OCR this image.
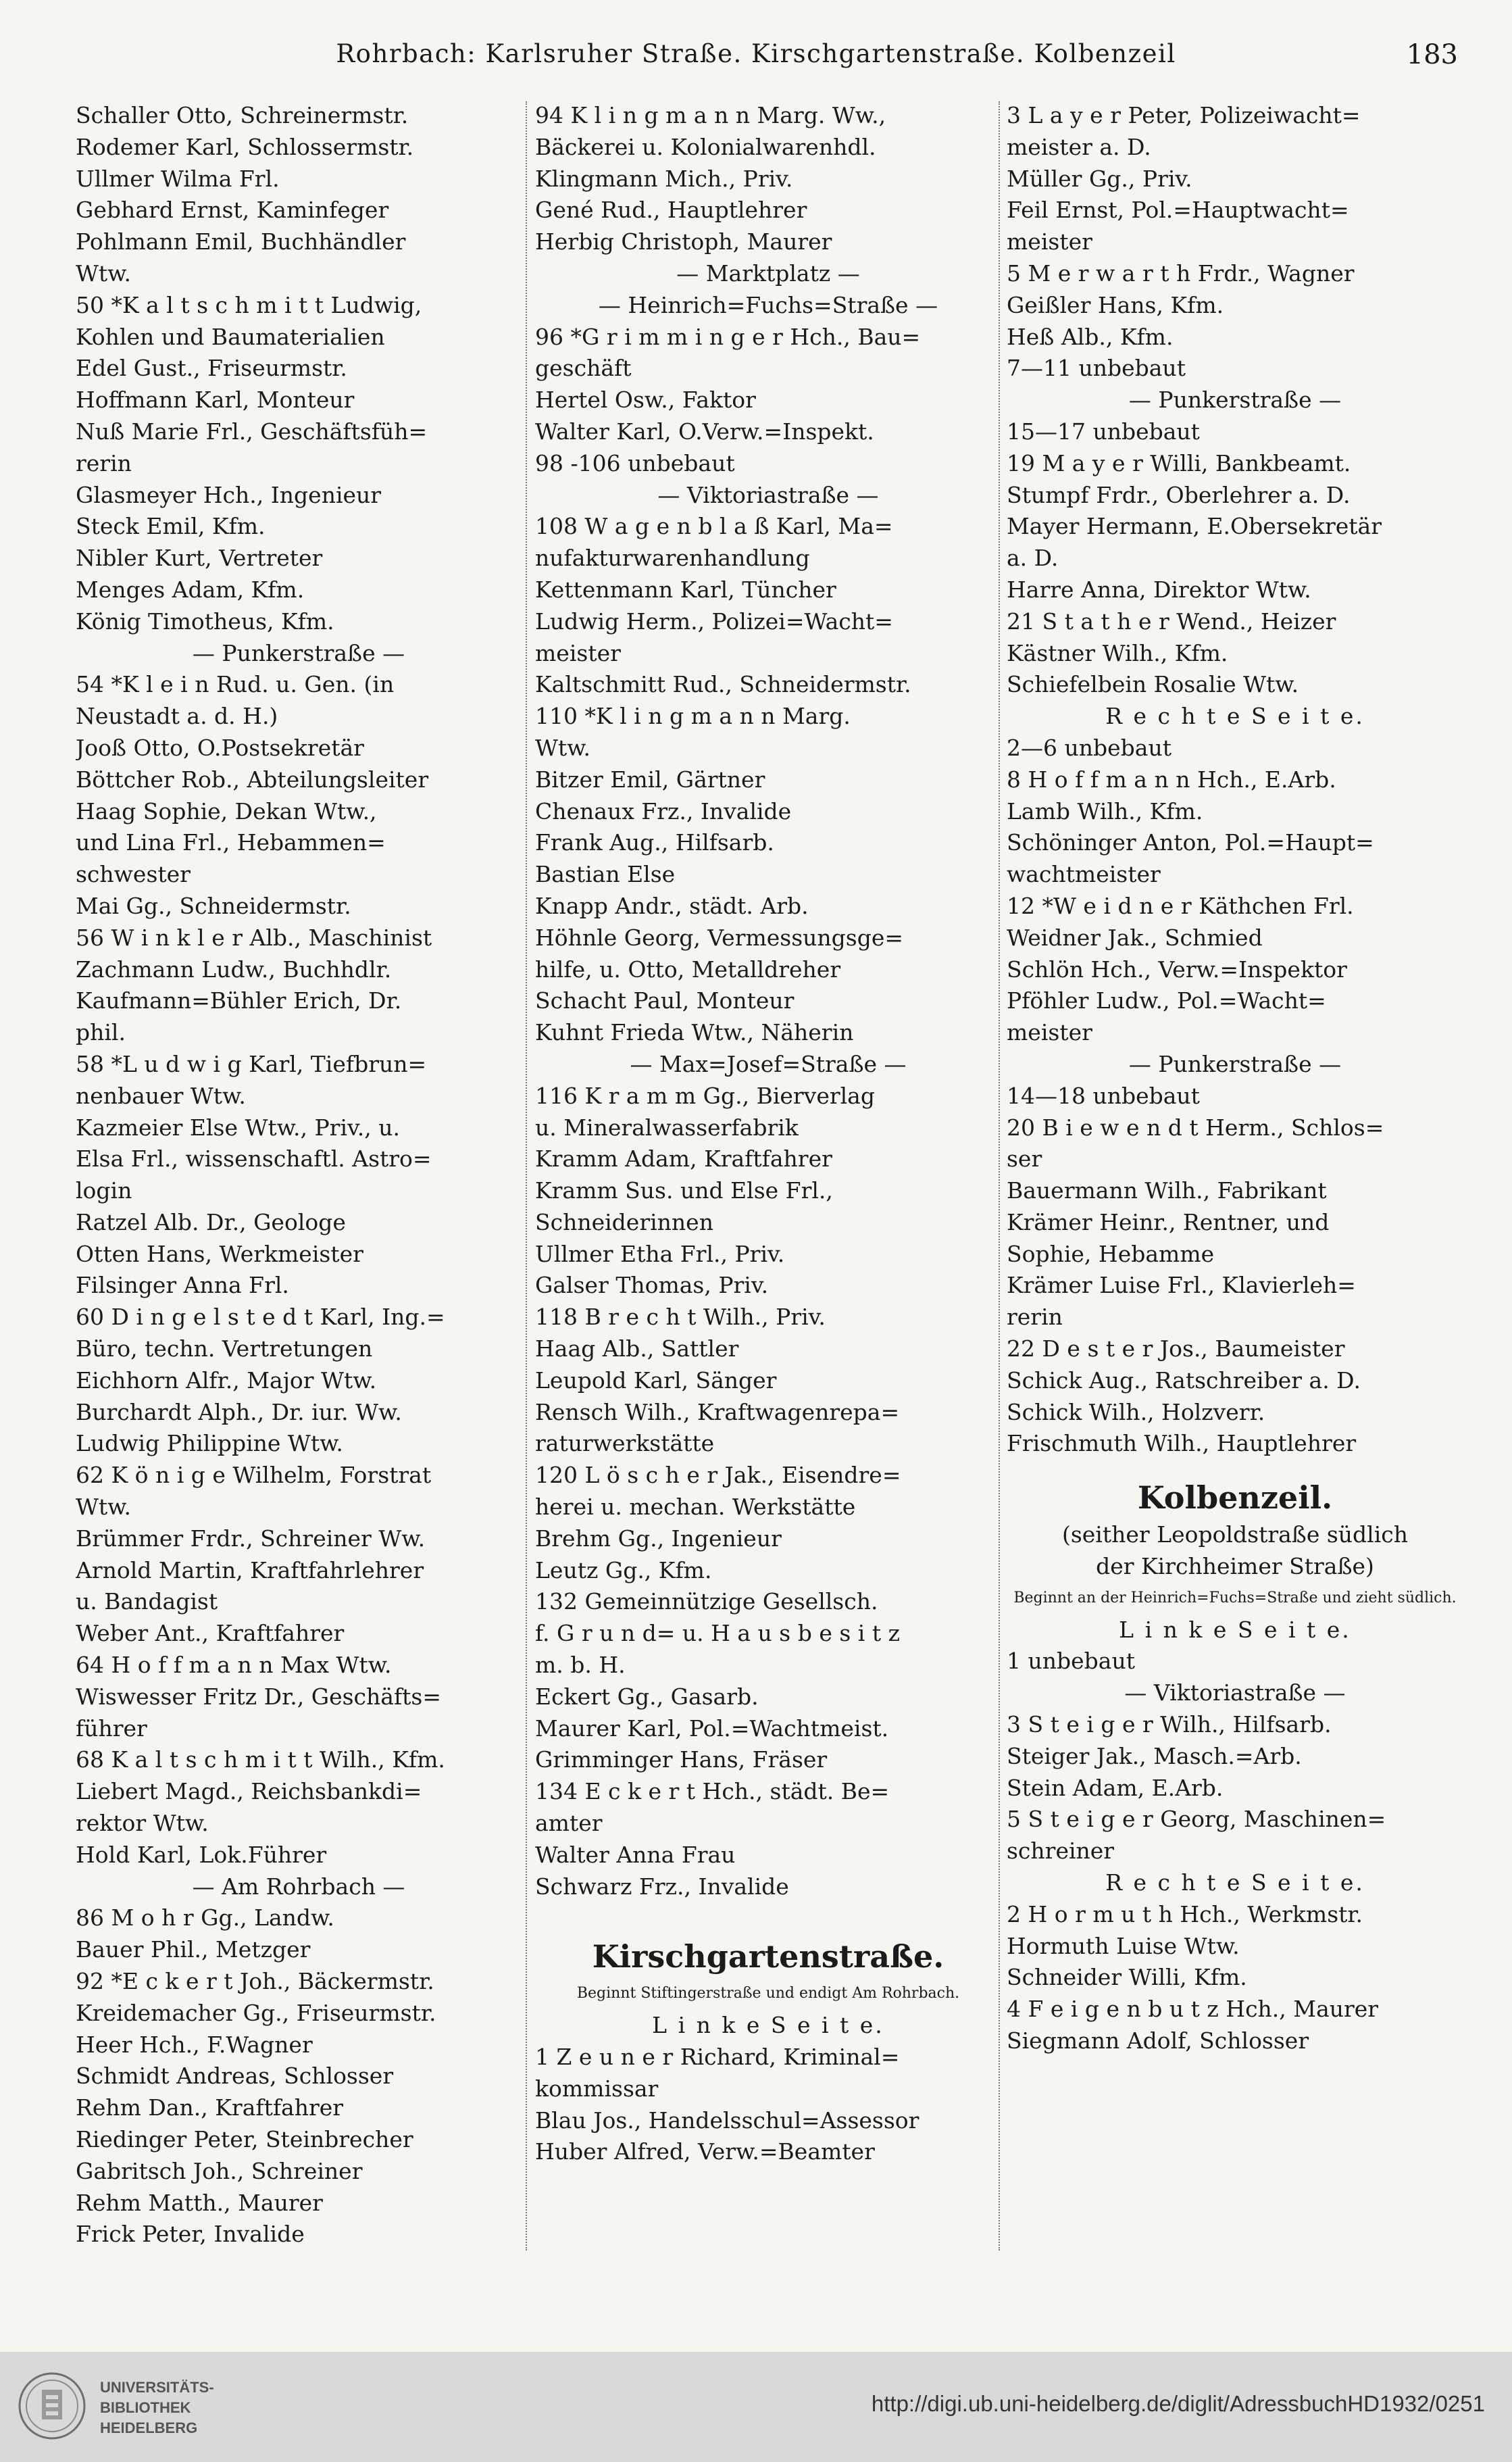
Rohrbach: Karlsruher Straße. Kirschgartenstraße. Kolbenzeil	183
Schaller Otto, Schreinermstr.
Rodemer Karl, Schlossermstr.
Ullmer Wilma Frl.
Gebhard Ernst, Kaminfeger
Pohlmann Emil, Buchhändler
Wtw.
50 *K a l t s c h m i t t Ludwig,
Kohlen und Baumaterialien
Edel Gust., Friseurmstr.
Hoffmann Karl, Monteur
Nuß Marie Frl., Geschäftsfüh=
rerin
Glasmeyer Hch., Ingenieur
Steck Emil, Kfm.
Nibler Kurt, Vertreter
Menges Adam, Kfm.
König Timotheus, Kfm.
— Punkerstraße —
54 *K l e i n Rud. u. Gen. (in
Neustadt a. d. H.)
Jooß Otto, O.Postsekretär
Böttcher Rob., Abteilungsleiter
Haag Sophie, Dekan Wtw.,
und Lina Frl., Hebammen=
schwester
Mai Gg., Schneidermstr.
56 W i n k l e r Alb., Maschinist
Zachmann Ludw., Buchhdlr.
Kaufmann=Bühler Erich, Dr.
phil.
58 *L u d w i g Karl, Tiefbrun=
nenbauer Wtw.
Kazmeier Else Wtw., Priv., u.
Elsa Frl., wissenschaftl. Astro=
login
Ratzel Alb. Dr., Geologe
Otten Hans, Werkmeister
Filsinger Anna Frl.
60 D i n g e l s t e d t Karl, Ing.=
Büro, techn. Vertretungen
Eichhorn Alfr., Major Wtw.
Burchardt Alph., Dr. iur. Ww.
Ludwig Philippine Wtw.
62 K ö n i g e Wilhelm, Forstrat
Wtw.
Brümmer Frdr., Schreiner Ww.
Arnold Martin, Kraftfahrlehrer
u. Bandagist
Weber Ant., Kraftfahrer
64 H o f f m a n n Max Wtw.
Wiswesser Fritz Dr., Geschäfts=
führer
68 K a l t s c h m i t t Wilh., Kfm.
Liebert Magd., Reichsbankdi=
rektor Wtw.
Hold Karl, Lok.Führer
— Am Rohrbach —
86 M o h r Gg., Landw.
Bauer Phil., Metzger
92 *E c k e r t Joh., Bäckermstr.
Kreidemacher Gg., Friseurmstr.
Heer Hch., F.Wagner
Schmidt Andreas, Schlosser
Rehm Dan., Kraftfahrer
Riedinger Peter, Steinbrecher
Gabritsch Joh., Schreiner
Rehm Matth., Maurer
Frick Peter, Invalide
94 K l i n g m a n n Marg. Ww.,
Bäckerei u. Kolonialwarenhdl.
Klingmann Mich., Priv.
Gené Rud., Hauptlehrer
Herbig Christoph, Maurer
— Marktplatz —
— Heinrich=Fuchs=Straße —
96 *G r i m m i n g e r Hch., Bau=
geschäft
Hertel Osw., Faktor
Walter Karl, O.Verw.=Inspekt.
98 -106 unbebaut
— Viktoriastraße —
108 W a g e n b l a ß Karl, Ma=
nufakturwarenhandlung
Kettenmann Karl, Tüncher
Ludwig Herm., Polizei=Wacht=
meister
Kaltschmitt Rud., Schneidermstr.
110 *K l i n g m a n n Marg.
Wtw.
Bitzer Emil, Gärtner
Chenaux Frz., Invalide
Frank Aug., Hilfsarb.
Bastian Else
Knapp Andr., städt. Arb.
Höhnle Georg, Vermessungsge=
hilfe, u. Otto, Metalldreher
Schacht Paul, Monteur
Kuhnt Frieda Wtw., Näherin
— Max=Josef=Straße —
116 K r a m m Gg., Bierverlag
u. Mineralwasserfabrik
Kramm Adam, Kraftfahrer
Kramm Sus. und Else Frl.,
Schneiderinnen
Ullmer Etha Frl., Priv.
Galser Thomas, Priv.
118 B r e c h t Wilh., Priv.
Haag Alb., Sattler
Leupold Karl, Sänger
Rensch Wilh., Kraftwagenrepa=
raturwerkstätte
120 L ö s c h e r Jak., Eisendre=
herei u. mechan. Werkstätte
Brehm Gg., Ingenieur
Leutz Gg., Kfm.
132 Gemeinnützige Gesellsch.
f. G r u n d= u. H a u s b e s i t z
m. b. H.
Eckert Gg., Gasarb.
Maurer Karl, Pol.=Wachtmeist.
Grimminger Hans, Fräser
134 E c k e r t Hch., städt. Be=
amter
Walter Anna Frau
Schwarz Frz., Invalide
Kirschgartenstraße.
Beginnt Stiftingerstraße und endigt Am Rohrbach.
L i n k e S e i t e.
1 Z e u n e r Richard, Kriminal=
kommissar
Blau Jos., Handelsschul=Assessor
Huber Alfred, Verw.=Beamter
3 L a y e r Peter, Polizeiwacht=
meister a. D.
Müller Gg., Priv.
Feil Ernst, Pol.=Hauptwacht=
meister
5 M e r w a r t h Frdr., Wagner
Geißler Hans, Kfm.
Heß Alb., Kfm.
7—11 unbebaut
— Punkerstraße —
15—17 unbebaut
19 M a y e r Willi, Bankbeamt.
Stumpf Frdr., Oberlehrer a. D.
Mayer Hermann, E.Obersekretär
a. D.
Harre Anna, Direktor Wtw.
21 S t a t h e r Wend., Heizer
Kästner Wilh., Kfm.
Schiefelbein Rosalie Wtw.
R e c h t e S e i t e.
2—6 unbebaut
8 H o f f m a n n Hch., E.Arb.
Lamb Wilh., Kfm.
Schöninger Anton, Pol.=Haupt=
wachtmeister
12 *W e i d n e r Käthchen Frl.
Weidner Jak., Schmied
Schlön Hch., Verw.=Inspektor
Pföhler Ludw., Pol.=Wacht=
meister
— Punkerstraße —
14—18 unbebaut
20 B i e w e n d t Herm., Schlos=
ser
Bauermann Wilh., Fabrikant
Krämer Heinr., Rentner, und
Sophie, Hebamme
Krämer Luise Frl., Klavierleh=
rerin
22 D e s t e r Jos., Baumeister
Schick Aug., Ratschreiber a. D.
Schick Wilh., Holzverr.
Frischmuth Wilh., Hauptlehrer
Kolbenzeil.
(seither Leopoldstraße südlich
der Kirchheimer Straße)
Beginnt an der Heinrich=Fuchs=Straße und zieht südlich.
L i n k e S e i t e.
1 unbebaut
— Viktoriastraße —
3 S t e i g e r Wilh., Hilfsarb.
Steiger Jak., Masch.=Arb.
Stein Adam, E.Arb.
5 S t e i g e r Georg, Maschinen=
schreiner
R e c h t e S e i t e.
2 H o r m u t h Hch., Werkmstr.
Hormuth Luise Wtw.
Schneider Willi, Kfm.
4 F e i g e n b u t z Hch., Maurer
Siegmann Adolf, Schlosser
UNIVERSITÄTS-
BIBLIOTHEK
HEIDELBERG
http://digi.ub.uni-heidelberg.de/diglit/AdressbuchHD1932/0251
